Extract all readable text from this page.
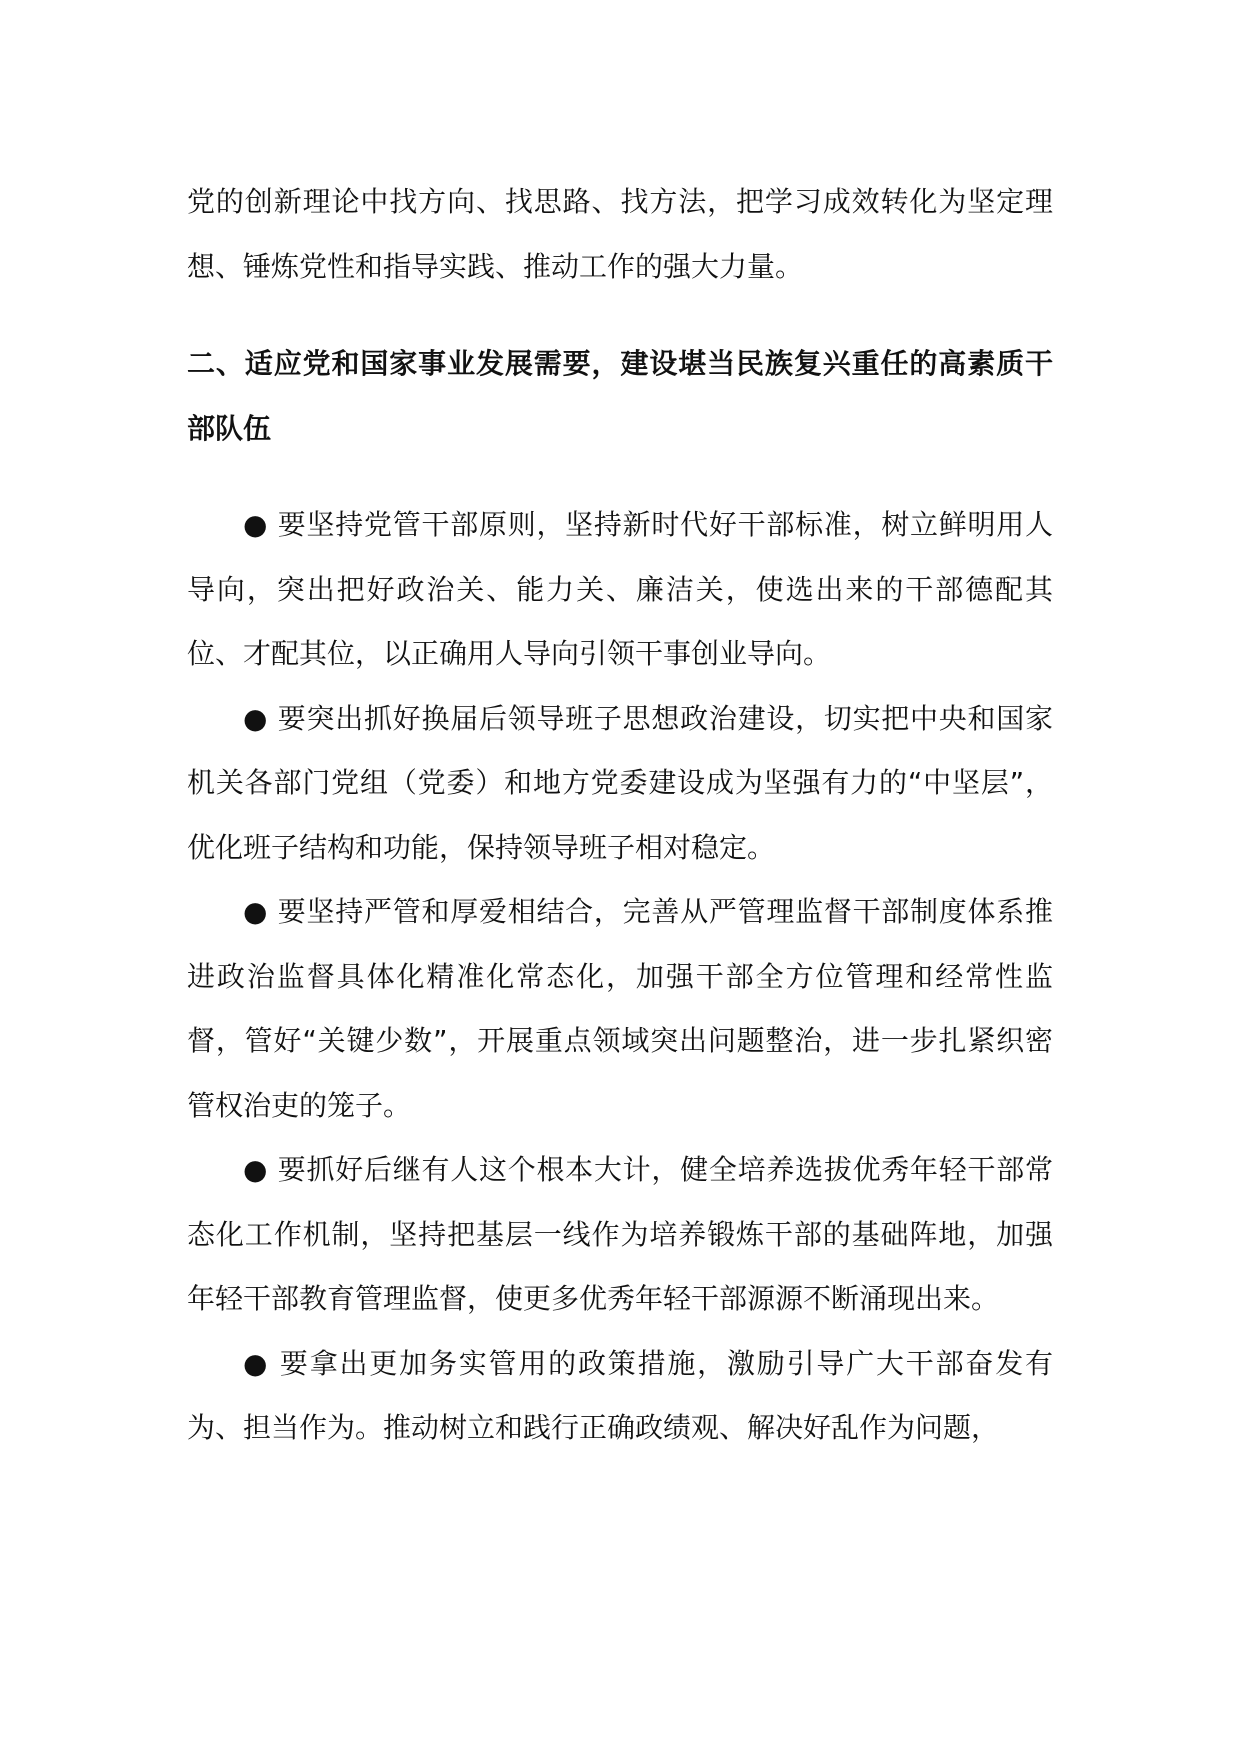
党的创新理论中找方向、找思路、找方法，把学习成效转化为坚定理想、锤炼党性和指导实践、推动工作的强大力量。

二、适应党和国家事业发展需要，建设堪当民族复兴重任的高素质干部队伍

● 要坚持党管干部原则，坚持新时代好干部标准，树立鲜明用人导向，突出把好政治关、能力关、廉洁关，使选出来的干部德配其位、才配其位，以正确用人导向引领干事创业导向。

● 要突出抓好换届后领导班子思想政治建设，切实把中央和国家机关各部门党组（党委）和地方党委建设成为坚强有力的“中坚层”，优化班子结构和功能，保持领导班子相对稳定。

● 要坚持严管和厚爱相结合，完善从严管理监督干部制度体系推进政治监督具体化精准化常态化，加强干部全方位管理和经常性监督，管好“关键少数”，开展重点领域突出问题整治，进一步扎紧织密管权治吏的笼子。

● 要抓好后继有人这个根本大计，健全培养选拔优秀年轻干部常态化工作机制，坚持把基层一线作为培养锻炼干部的基础阵地，加强年轻干部教育管理监督，使更多优秀年轻干部源源不断涌现出来。

● 要拿出更加务实管用的政策措施，激励引导广大干部奋发有为、担当作为。推动树立和践行正确政绩观、解决好乱作为问题，
